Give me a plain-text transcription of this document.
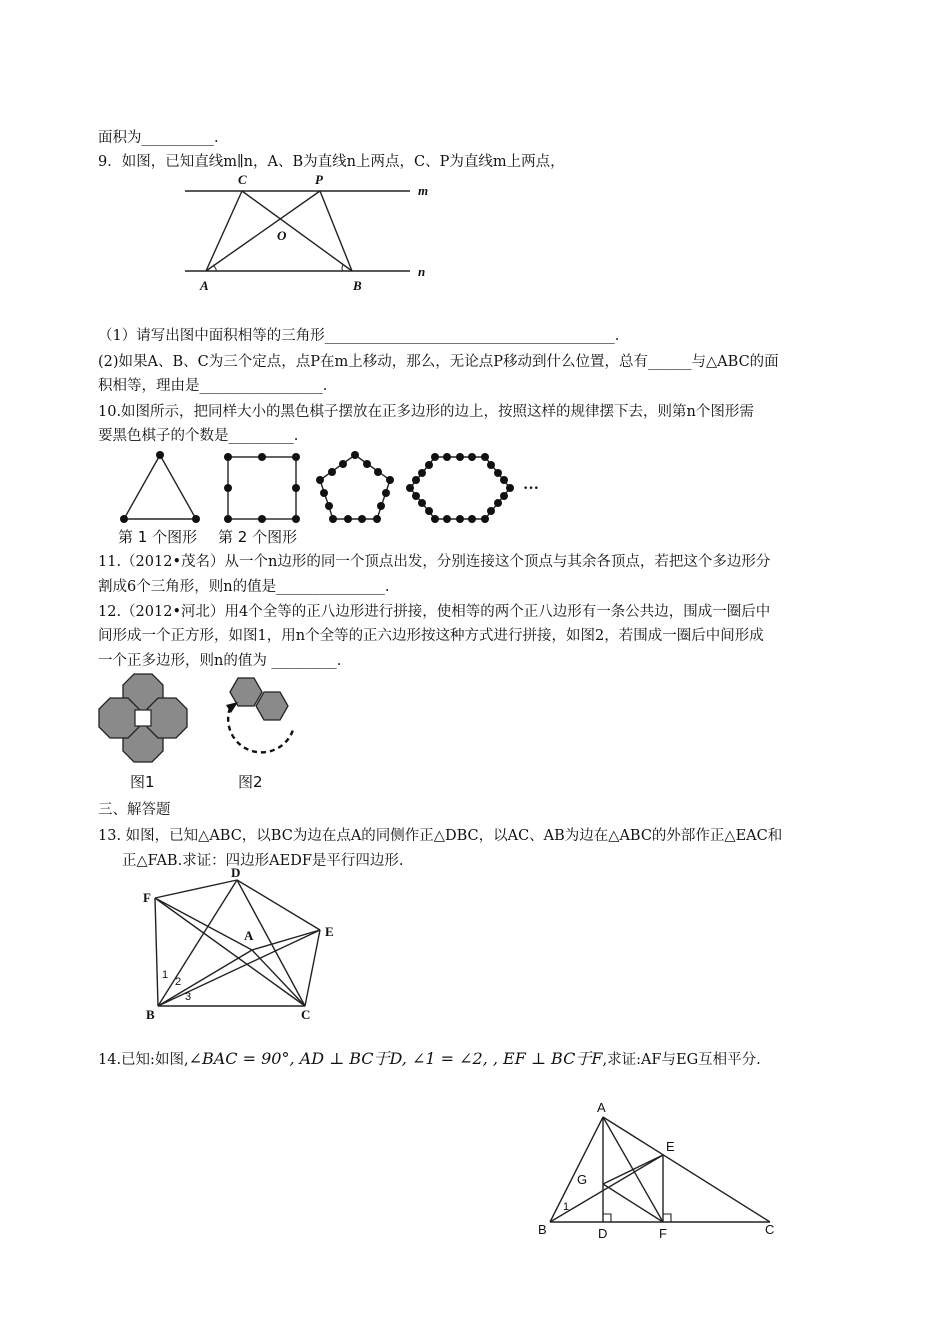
面积为__________.
9．如图，已知直线m∥n，A、B为直线n上两点，C、P为直线m上两点，
C	P
m
O
A	B
n
（1）请写出图中面积相等的三角形________________________________________.
(2)如果A、B、C为三个定点，点P在m上移动，那么，无论点P移动到什么位置，总有______与△ABC的面
积相等，理由是_________________.
10.如图所示，把同样大小的黑色棋子摆放在正多边形的边上，按照这样的规律摆下去，则第n个图形需
要黑色棋子的个数是_________.
···
第 1 个图形 第 2 个图形
11.（2012•茂名）从一个n边形的同一个顶点出发，分别连接这个顶点与其余各顶点，若把这个多边形分
割成6个三角形，则n的值是_______________.
12.（2012•河北）用4个全等的正八边形进行拼接，使相等的两个正八边形有一条公共边，围成一圈后中
间形成一个正方形，如图1，用n个全等的正六边形按这种方式进行拼接，如图2，若围成一圈后中间形成
一个正多边形，则n的值为 _________.
图1	图2
三、解答题
13. 如图，已知△ABC，以BC为边在点A的同侧作正△DBC，以AC、AB为边在△ABC的外部作正△EAC和
正△FAB.求证：四边形AEDF是平行四边形.
F
D
A	E
B	C
1
2
3
14.已知:如图,∠BAC = 90°, AD ⊥ BC于D, ∠1 = ∠2, , EF ⊥ BC于F,求证:AF与EG互相平分.
A
E
G
1
B	D	F	C
